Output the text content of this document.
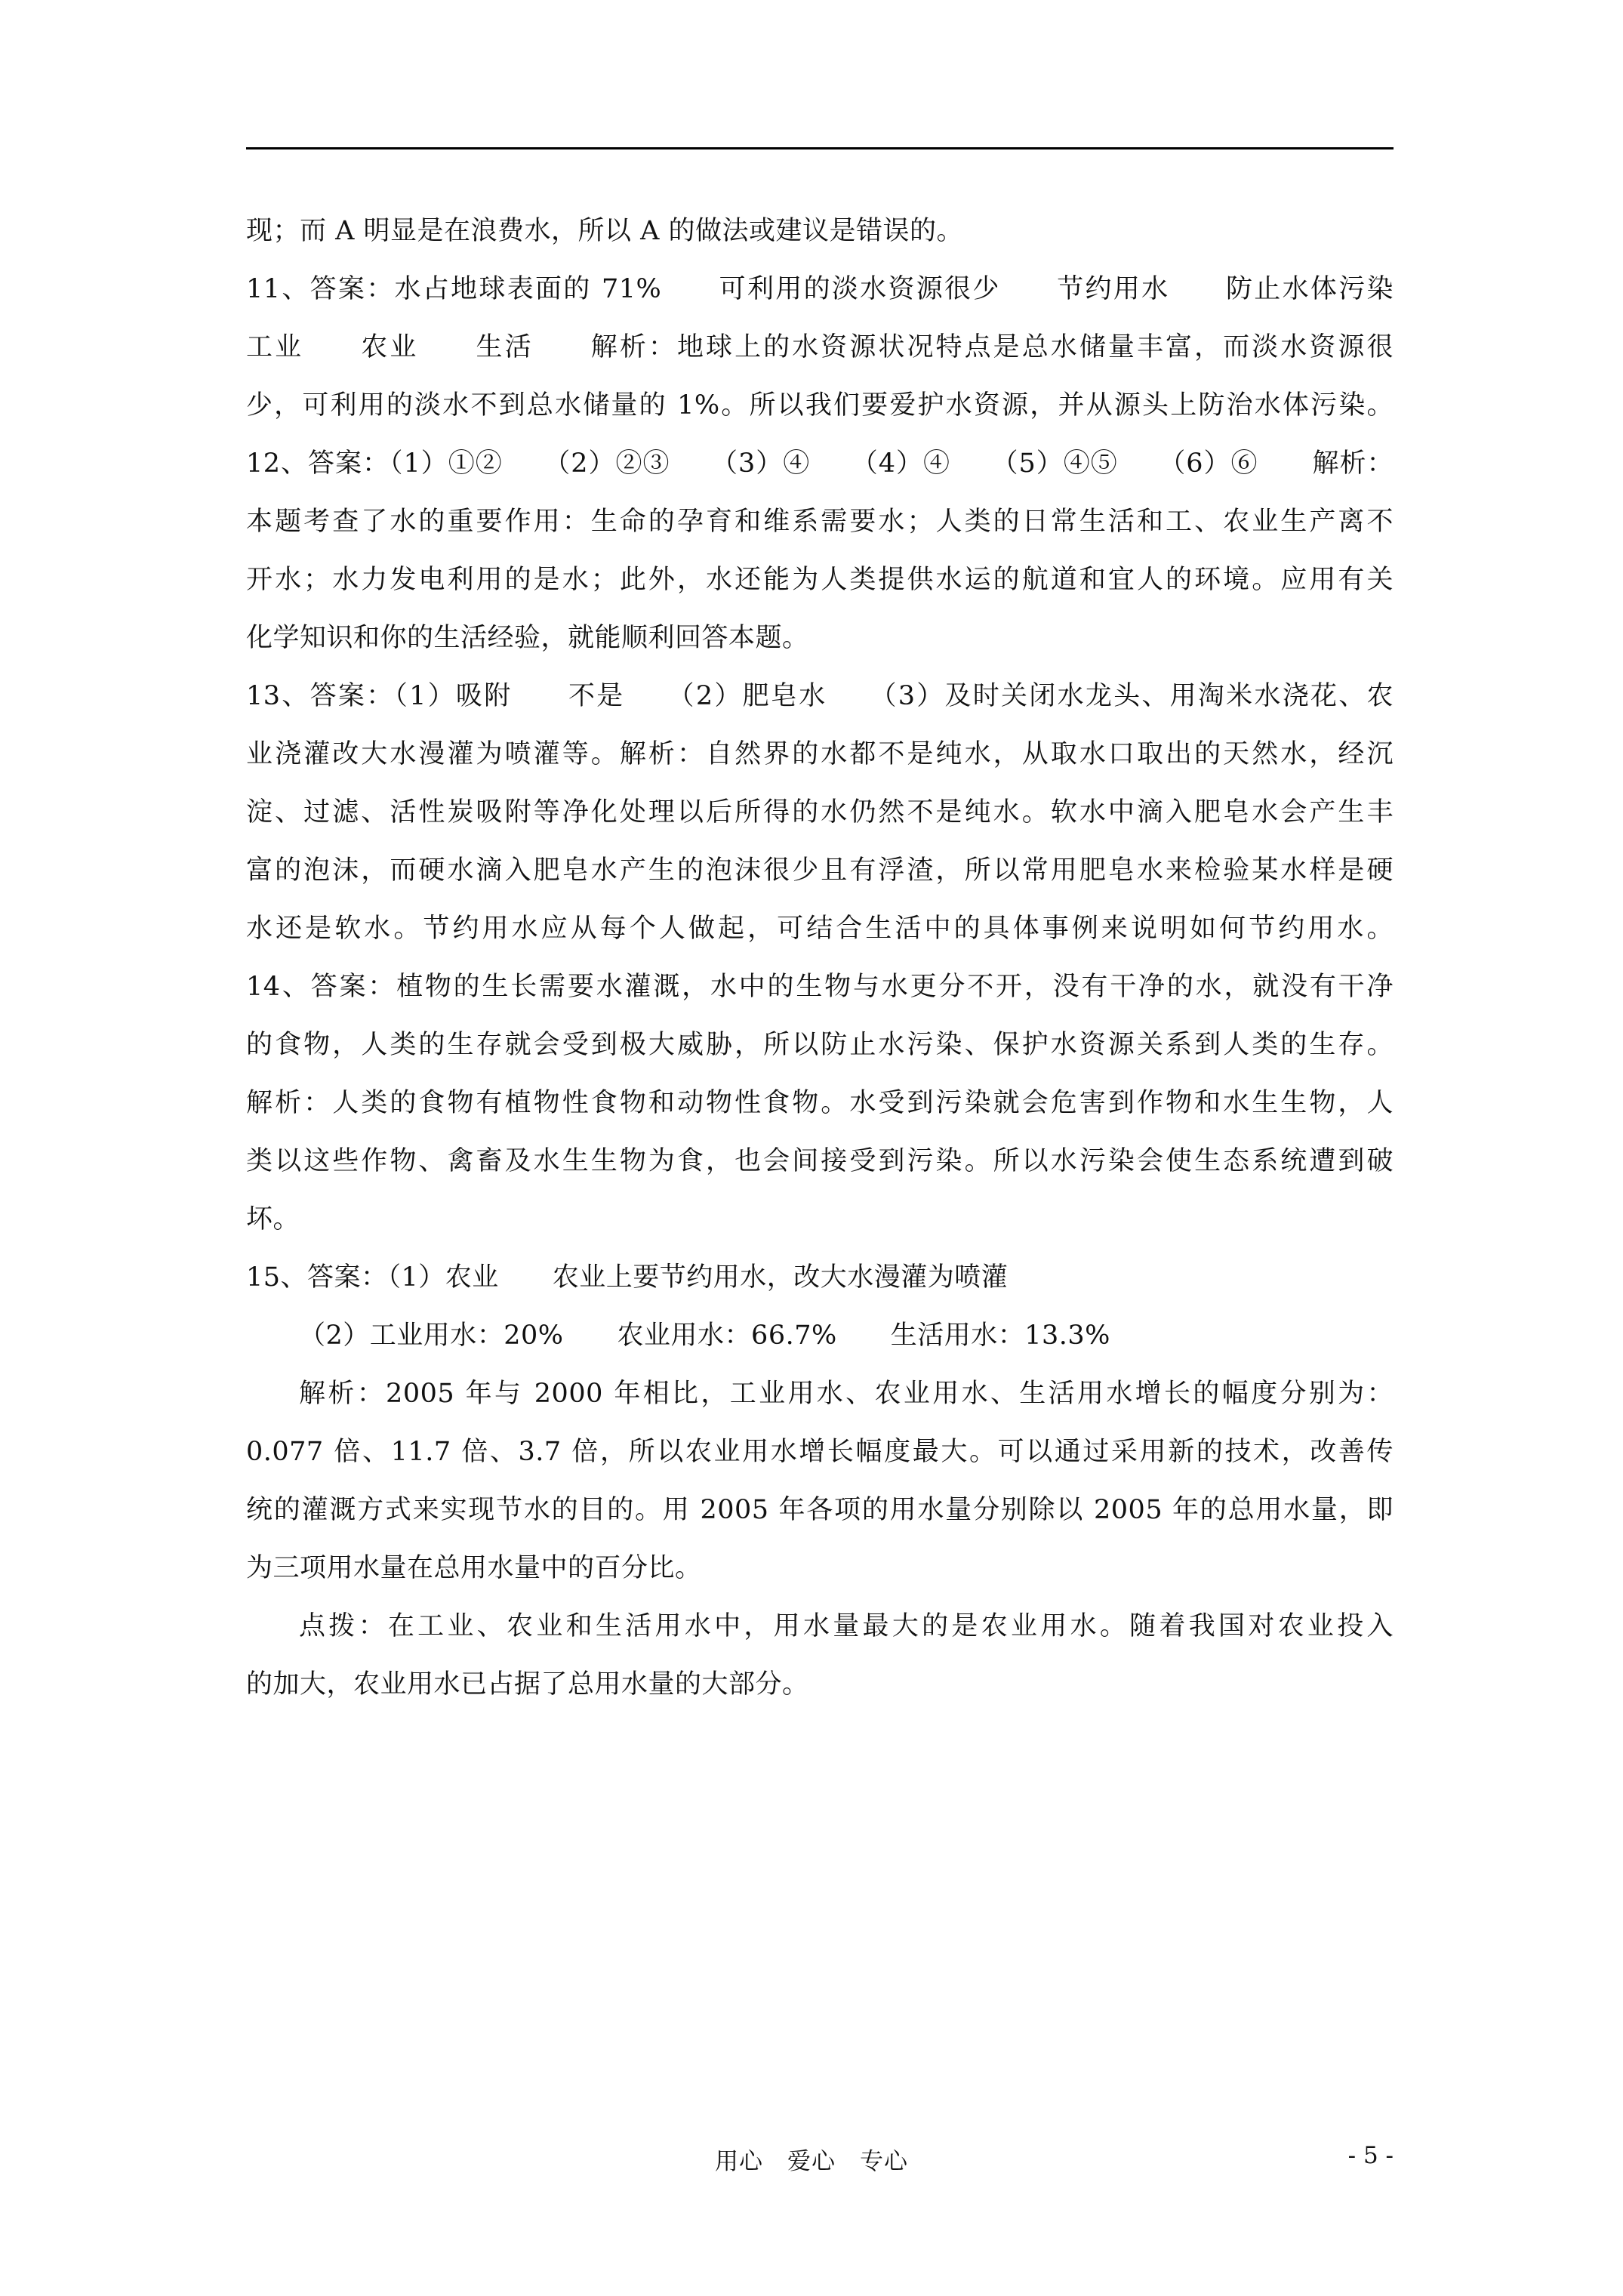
现；而 A 明显是在浪费水，所以 A 的做法或建议是错误的。
11、答案：水占地球表面的 71%　　可利用的淡水资源很少　　节约用水　　防止水体污染
工业　　农业　　生活　　解析：地球上的水资源状况特点是总水储量丰富，而淡水资源很
少，可利用的淡水不到总水储量的 1%。所以我们要爱护水资源，并从源头上防治水体污染。
12、答案：（1）①②　　（2）②③　　（3）④　　（4）④　　（5）④⑤　　（6）⑥　　解析：
本题考查了水的重要作用：生命的孕育和维系需要水；人类的日常生活和工、农业生产离不
开水；水力发电利用的是水；此外，水还能为人类提供水运的航道和宜人的环境。应用有关
化学知识和你的生活经验，就能顺利回答本题。
13、答案：（1）吸附　　不是　　（2）肥皂水　　（3）及时关闭水龙头、用淘米水浇花、农
业浇灌改大水漫灌为喷灌等。解析：自然界的水都不是纯水，从取水口取出的天然水，经沉
淀、过滤、活性炭吸附等净化处理以后所得的水仍然不是纯水。软水中滴入肥皂水会产生丰
富的泡沫，而硬水滴入肥皂水产生的泡沫很少且有浮渣，所以常用肥皂水来检验某水样是硬
水还是软水。节约用水应从每个人做起，可结合生活中的具体事例来说明如何节约用水。
14、答案：植物的生长需要水灌溉，水中的生物与水更分不开，没有干净的水，就没有干净
的食物，人类的生存就会受到极大威胁，所以防止水污染、保护水资源关系到人类的生存。
解析：人类的食物有植物性食物和动物性食物。水受到污染就会危害到作物和水生生物，人
类以这些作物、禽畜及水生生物为食，也会间接受到污染。所以水污染会使生态系统遭到破
坏。
15、答案：（1）农业　　农业上要节约用水，改大水漫灌为喷灌
（2）工业用水：20%　　农业用水：66.7%　　生活用水：13.3%
解析：2005 年与 2000 年相比，工业用水、农业用水、生活用水增长的幅度分别为：
0.077 倍、11.7 倍、3.7 倍，所以农业用水增长幅度最大。可以通过采用新的技术，改善传
统的灌溉方式来实现节水的目的。用 2005 年各项的用水量分别除以 2005 年的总用水量，即
为三项用水量在总用水量中的百分比。
点拨：在工业、农业和生活用水中，用水量最大的是农业用水。随着我国对农业投入
的加大，农业用水已占据了总用水量的大部分。
用心　爱心　专心	- 5 -
